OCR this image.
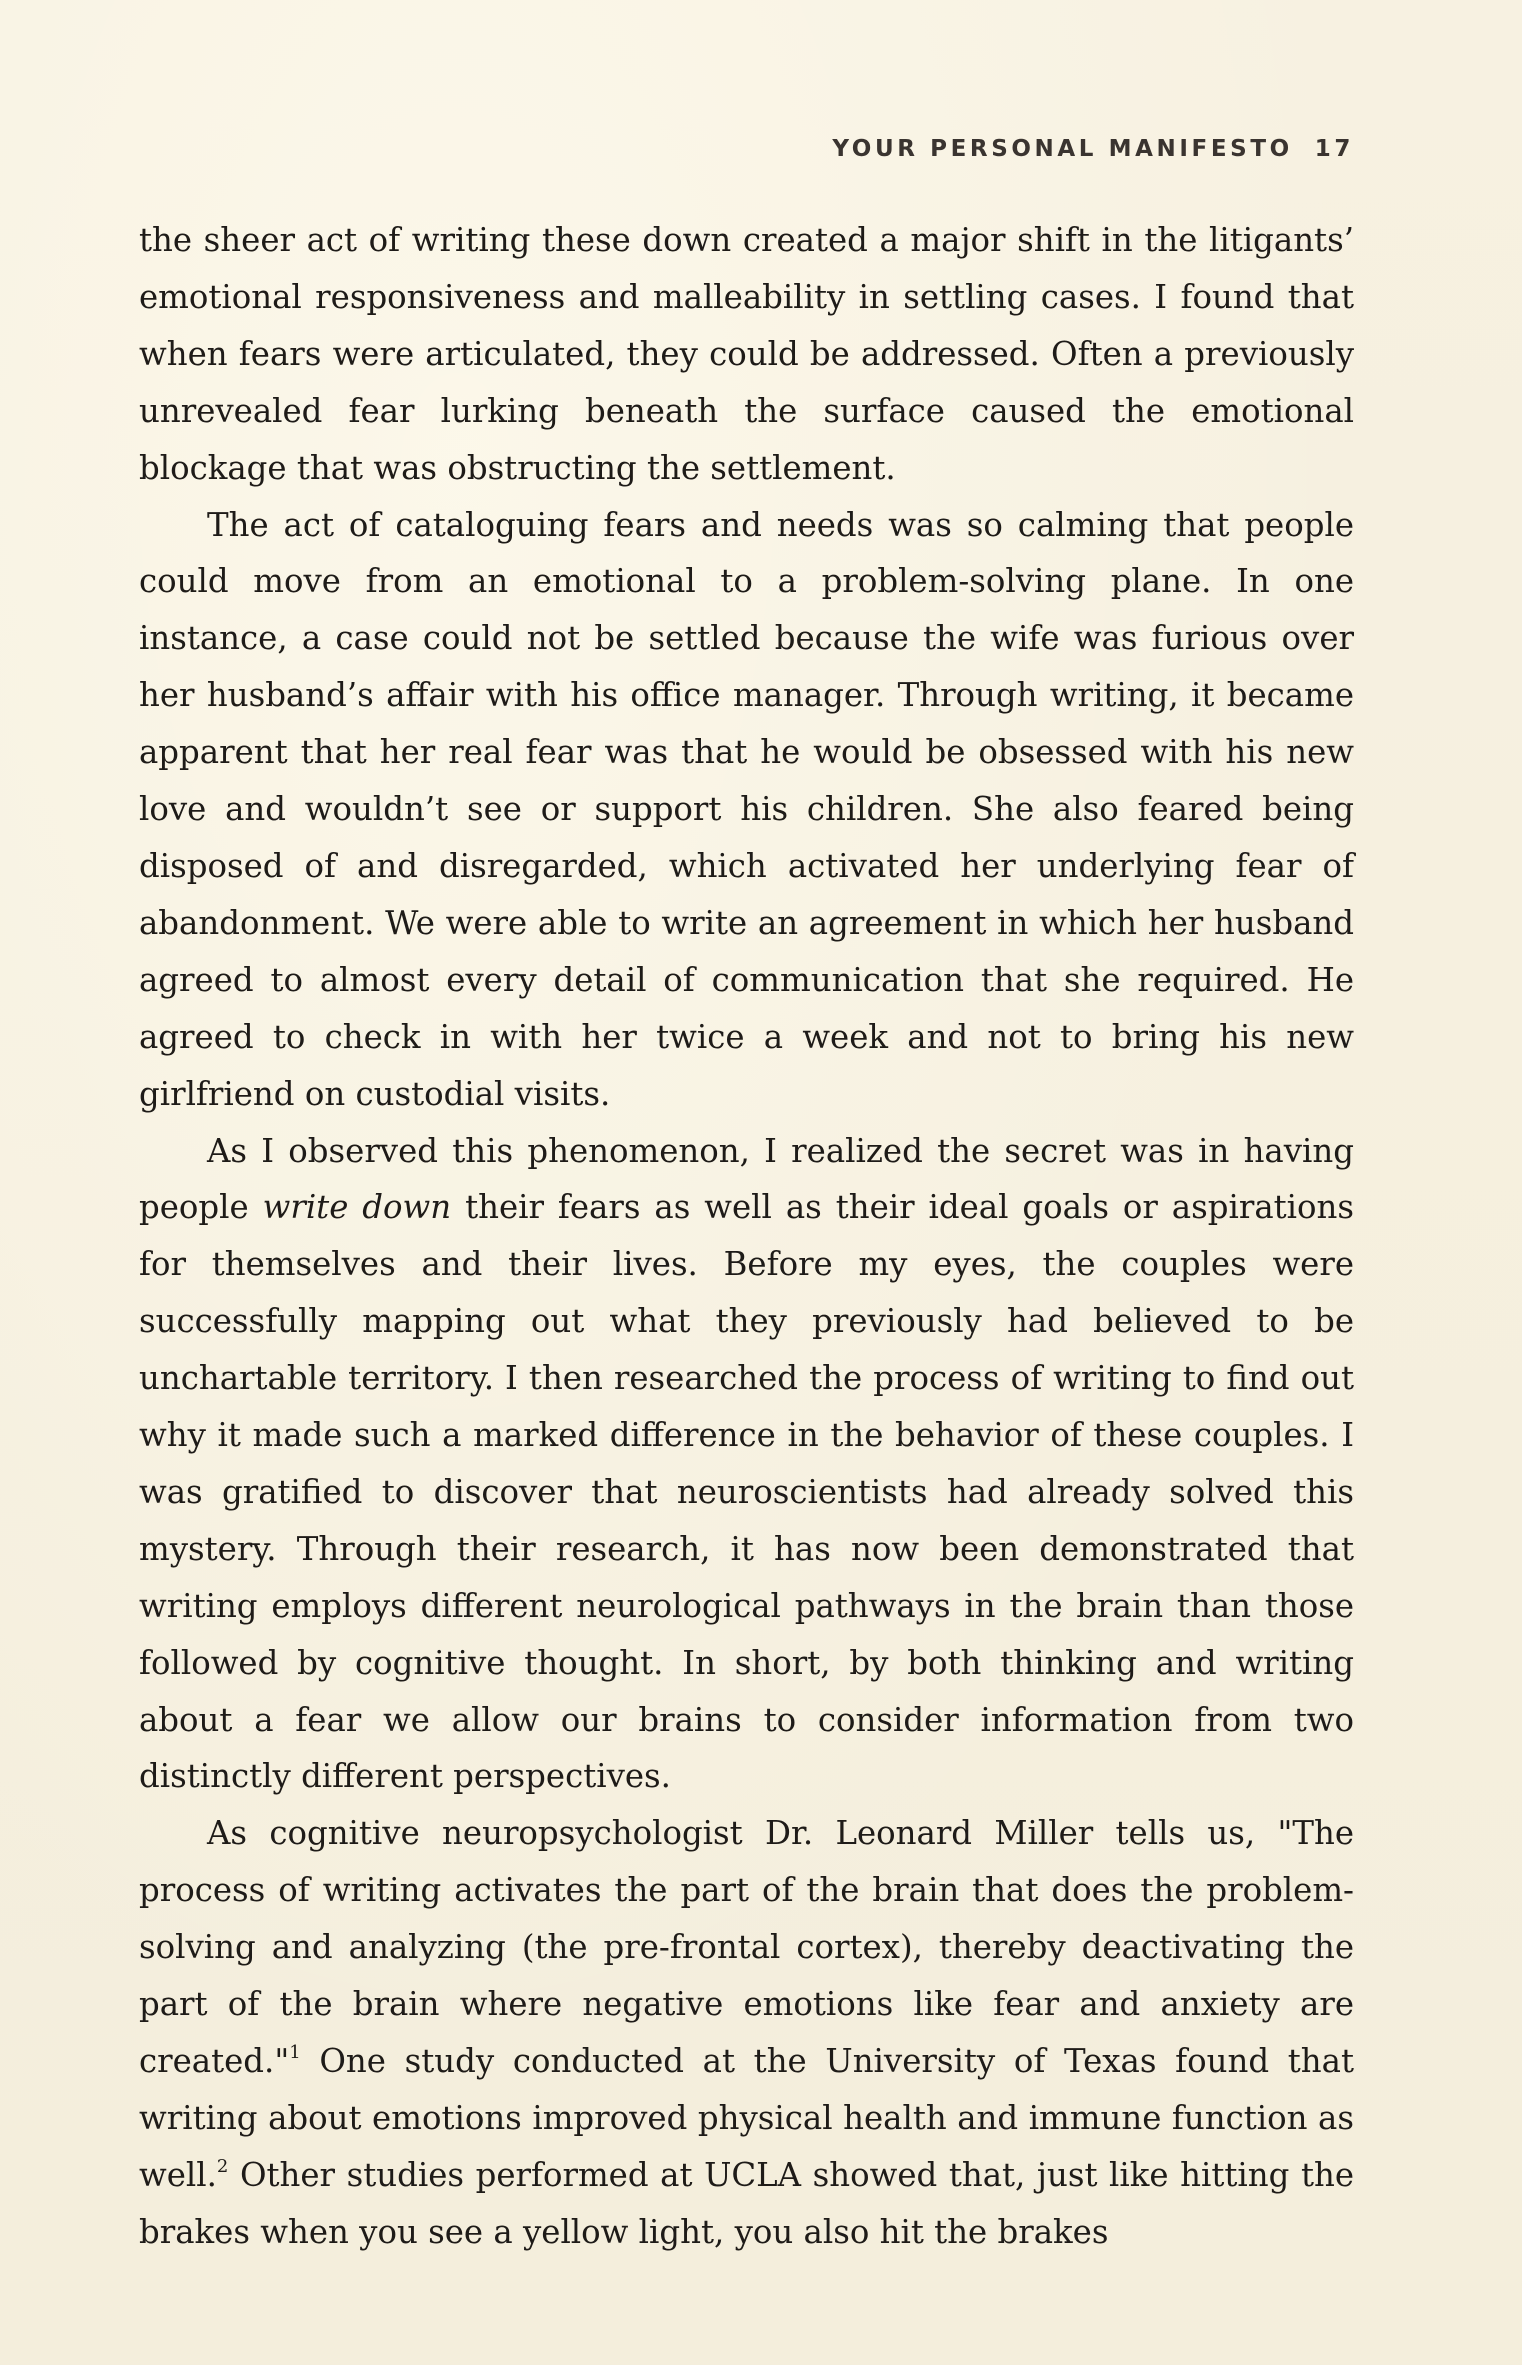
YOUR PERSONAL MANIFESTO 17

the sheer act of writing these down created a major shift in the litigants’ emotional responsiveness and malleability in settling cases. I found that when fears were articulated, they could be addressed. Often a previously unrevealed fear lurking beneath the surface caused the emotional blockage that was obstructing the settlement.

The act of cataloguing fears and needs was so calming that people could move from an emotional to a problem-solving plane. In one instance, a case could not be settled because the wife was furious over her husband’s affair with his office manager. Through writing, it became apparent that her real fear was that he would be obsessed with his new love and wouldn’t see or support his children. She also feared being disposed of and disregarded, which activated her underlying fear of abandonment. We were able to write an agreement in which her husband agreed to almost every detail of communication that she required. He agreed to check in with her twice a week and not to bring his new girlfriend on custodial visits.

As I observed this phenomenon, I realized the secret was in having people write down their fears as well as their ideal goals or aspirations for themselves and their lives. Before my eyes, the couples were successfully mapping out what they previously had believed to be unchartable territory. I then researched the process of writing to find out why it made such a marked difference in the behavior of these couples. I was gratified to discover that neuroscientists had already solved this mystery. Through their research, it has now been demonstrated that writing employs different neurological pathways in the brain than those followed by cognitive thought. In short, by both thinking and writing about a fear we allow our brains to consider information from two distinctly different perspectives.

As cognitive neuropsychologist Dr. Leonard Miller tells us, "The process of writing activates the part of the brain that does the problem-solving and analyzing (the pre-frontal cortex), thereby deactivating the part of the brain where negative emotions like fear and anxiety are created."$^1$ One study conducted at the University of Texas found that writing about emotions improved physical health and immune function as well.$^2$ Other studies performed at UCLA showed that, just like hitting the brakes when you see a yellow light, you also hit the brakes
